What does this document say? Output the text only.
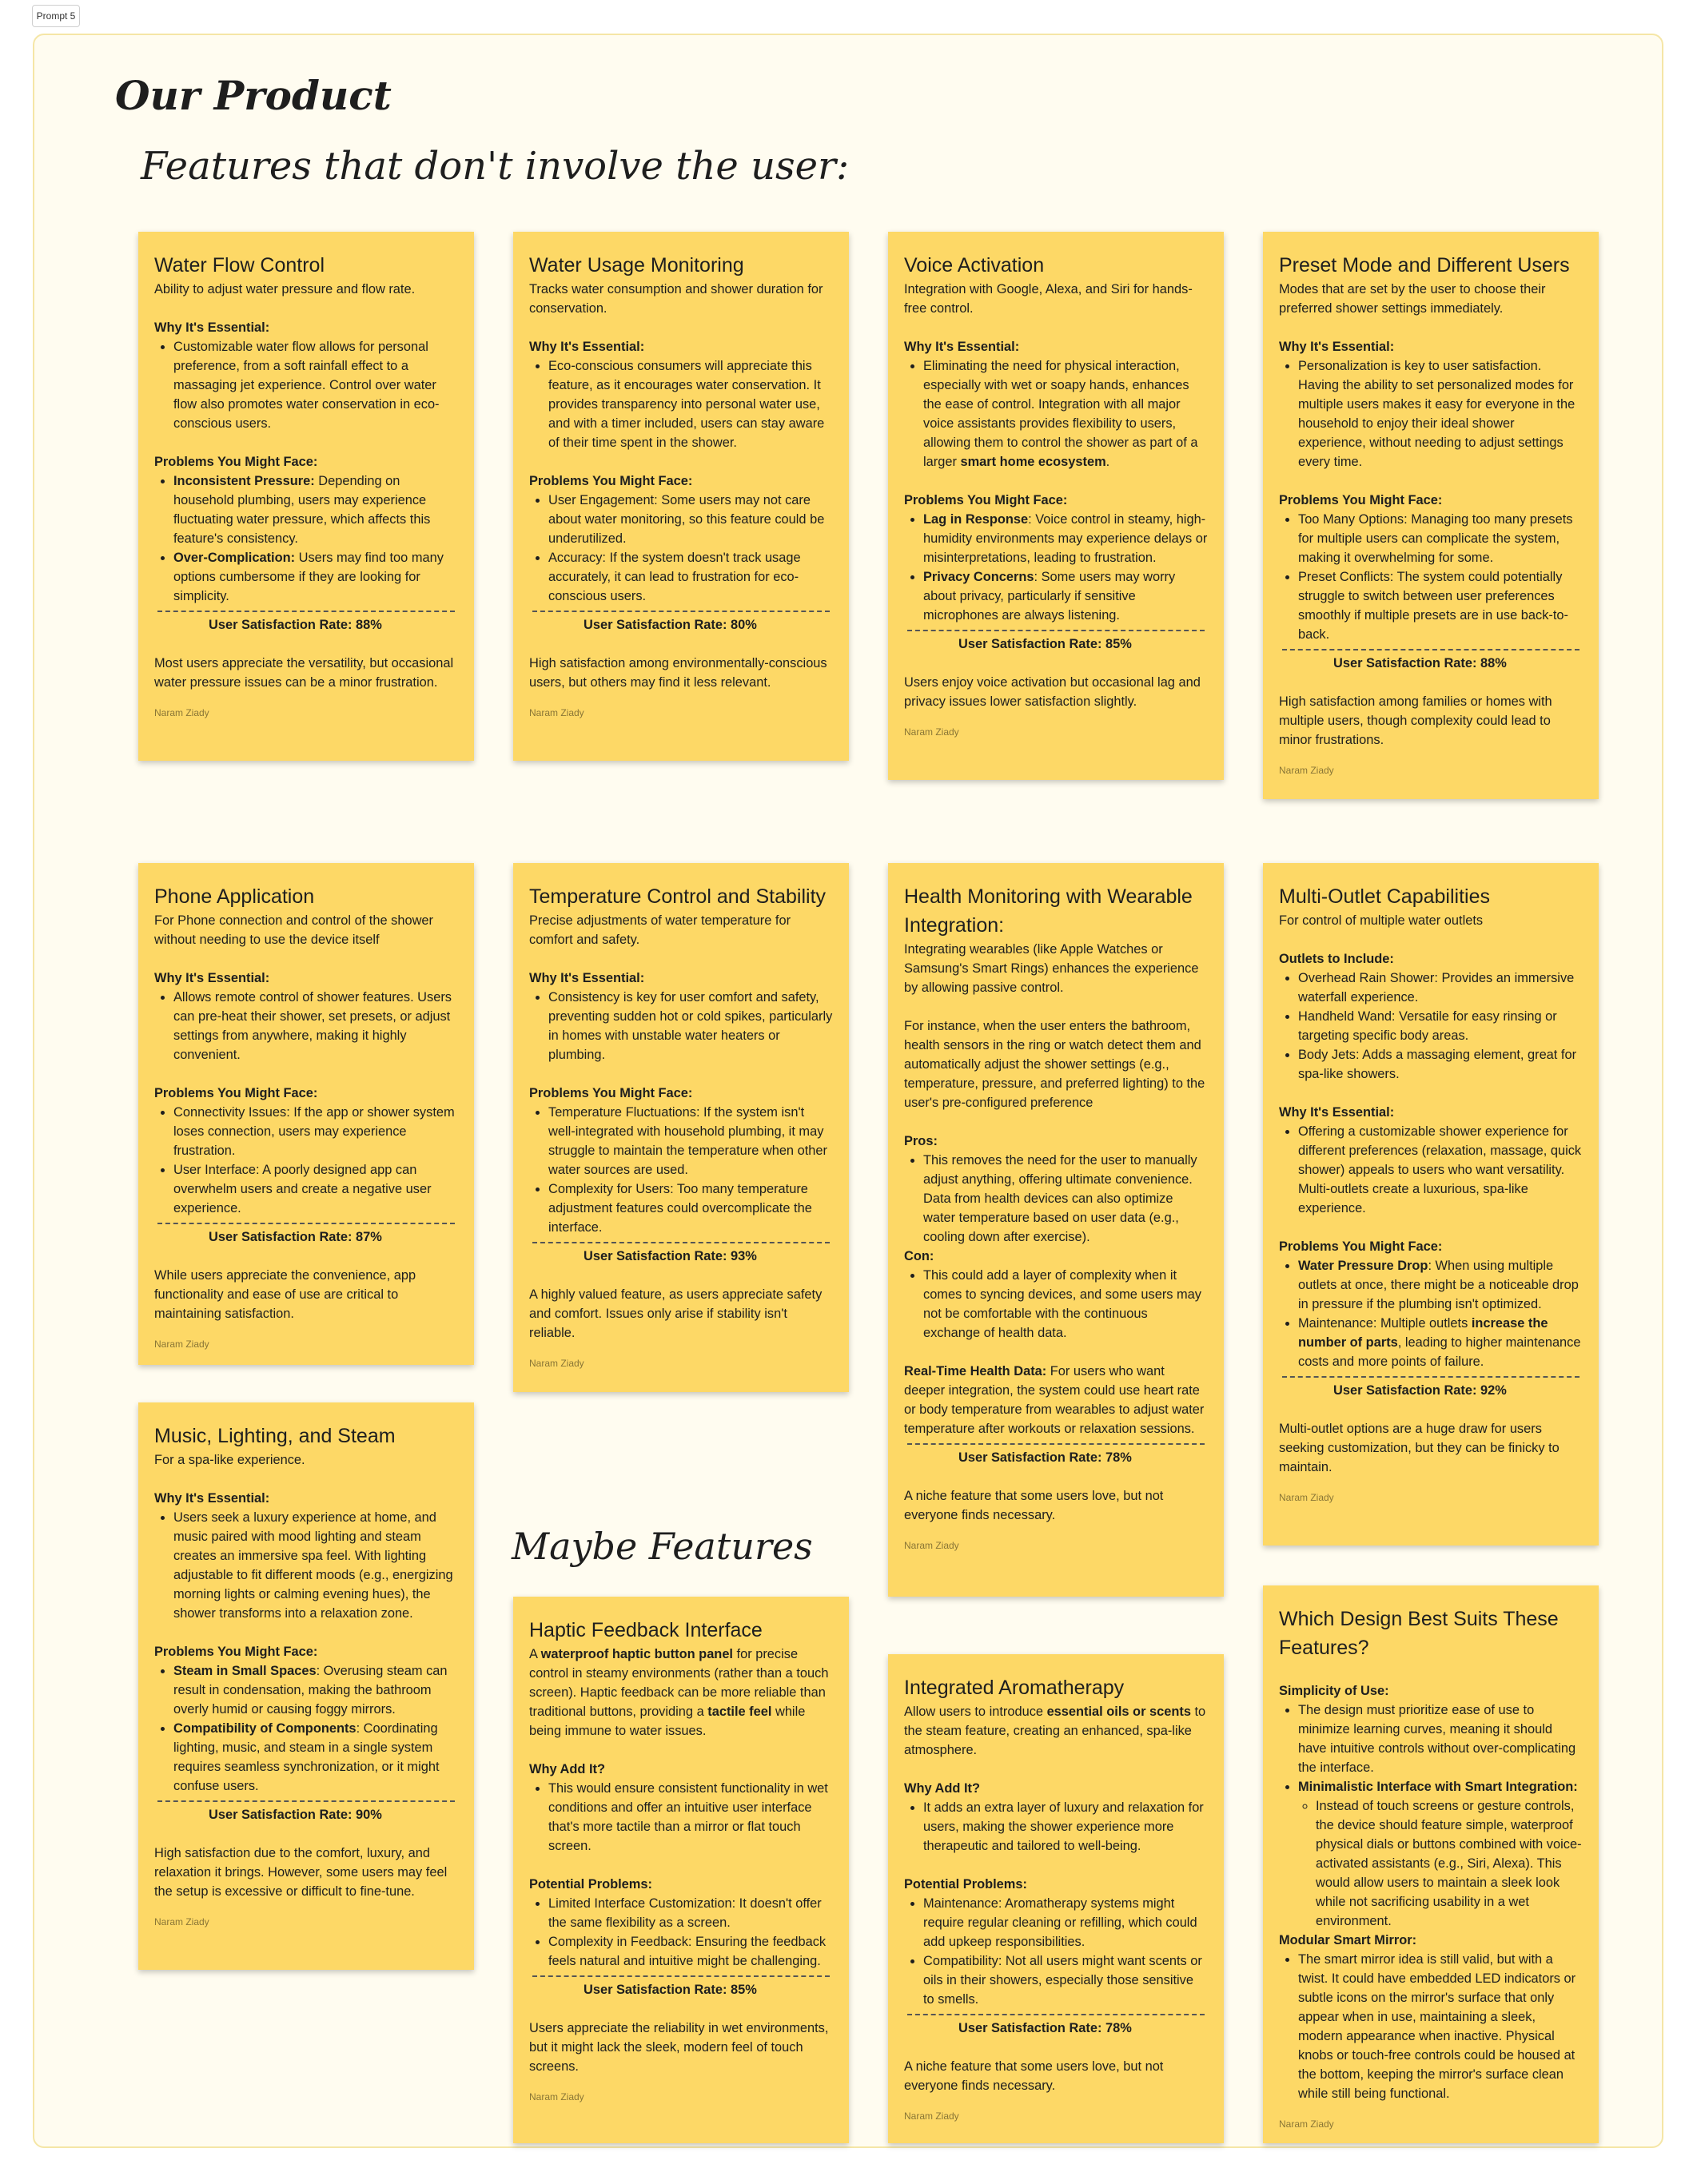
Prompt 5
Our Product
Features that don't involve the user:
Maybe Features
Water Flow Control

Ability to adjust water pressure and flow rate.

Why It's Essential:

• Customizable water flow allows for personal preference, from a soft rainfall effect to a massaging jet experience. Control over water flow also promotes water conservation in eco-conscious users.

Problems You Might Face:

• Inconsistent Pressure: Depending on household plumbing, users may experience fluctuating water pressure, which affects this feature's consistency.
• Over-Complication: Users may find too many options cumbersome if they are looking for simplicity.

User Satisfaction Rate: 88%

Most users appreciate the versatility, but occasional water pressure issues can be a minor frustration.

Naram Ziady
Water Usage Monitoring

Tracks water consumption and shower duration for conservation.

Why It's Essential:

• Eco-conscious consumers will appreciate this feature, as it encourages water conservation. It provides transparency into personal water use, and with a timer included, users can stay aware of their time spent in the shower.

Problems You Might Face:

• User Engagement: Some users may not care about water monitoring, so this feature could be underutilized.
• Accuracy: If the system doesn't track usage accurately, it can lead to frustration for eco-conscious users.

User Satisfaction Rate: 80%

High satisfaction among environmentally-conscious users, but others may find it less relevant.

Naram Ziady
Voice Activation

Integration with Google, Alexa, and Siri for hands-free control.

Why It's Essential:

• Eliminating the need for physical interaction, especially with wet or soapy hands, enhances the ease of control. Integration with all major voice assistants provides flexibility to users, allowing them to control the shower as part of a larger smart home ecosystem.

Problems You Might Face:

• Lag in Response: Voice control in steamy, high-humidity environments may experience delays or misinterpretations, leading to frustration.
• Privacy Concerns: Some users may worry about privacy, particularly if sensitive microphones are always listening.

User Satisfaction Rate: 85%

Users enjoy voice activation but occasional lag and privacy issues lower satisfaction slightly.

Naram Ziady
Preset Mode and Different Users

Modes that are set by the user to choose their preferred shower settings immediately.

Why It's Essential:

• Personalization is key to user satisfaction. Having the ability to set personalized modes for multiple users makes it easy for everyone in the household to enjoy their ideal shower experience, without needing to adjust settings every time.

Problems You Might Face:

• Too Many Options: Managing too many presets for multiple users can complicate the system, making it overwhelming for some.
• Preset Conflicts: The system could potentially struggle to switch between user preferences smoothly if multiple presets are in use back-to-back.

User Satisfaction Rate: 88%

High satisfaction among families or homes with multiple users, though complexity could lead to minor frustrations.

Naram Ziady
Phone Application

For Phone connection and control of the shower without needing to use the device itself

Why It's Essential:

• Allows remote control of shower features. Users can pre-heat their shower, set presets, or adjust settings from anywhere, making it highly convenient.

Problems You Might Face:

• Connectivity Issues: If the app or shower system loses connection, users may experience frustration.
• User Interface: A poorly designed app can overwhelm users and create a negative user experience.

User Satisfaction Rate: 87%

While users appreciate the convenience, app functionality and ease of use are critical to maintaining satisfaction.

Naram Ziady
Temperature Control and Stability

Precise adjustments of water temperature for comfort and safety.

Why It's Essential:

• Consistency is key for user comfort and safety, preventing sudden hot or cold spikes, particularly in homes with unstable water heaters or plumbing.

Problems You Might Face:

• Temperature Fluctuations: If the system isn't well-integrated with household plumbing, it may struggle to maintain the temperature when other water sources are used.
• Complexity for Users: Too many temperature adjustment features could overcomplicate the interface.

User Satisfaction Rate: 93%

A highly valued feature, as users appreciate safety and comfort. Issues only arise if stability isn't reliable.

Naram Ziady
Health Monitoring with Wearable Integration:

Integrating wearables (like Apple Watches or Samsung's Smart Rings) enhances the experience by allowing passive control.

For instance, when the user enters the bathroom, health sensors in the ring or watch detect them and automatically adjust the shower settings (e.g., temperature, pressure, and preferred lighting) to the user's pre-configured preference

Pros:

• This removes the need for the user to manually adjust anything, offering ultimate convenience. Data from health devices can also optimize water temperature based on user data (e.g., cooling down after exercise).

Con:

• This could add a layer of complexity when it comes to syncing devices, and some users may not be comfortable with the continuous exchange of health data.

Real-Time Health Data: For users who want deeper integration, the system could use heart rate or body temperature from wearables to adjust water temperature after workouts or relaxation sessions.

User Satisfaction Rate: 78%

A niche feature that some users love, but not everyone finds necessary.

Naram Ziady
Multi-Outlet Capabilities

For control of multiple water outlets

Outlets to Include:

• Overhead Rain Shower: Provides an immersive waterfall experience.
• Handheld Wand: Versatile for easy rinsing or targeting specific body areas.
• Body Jets: Adds a massaging element, great for spa-like showers.

Why It's Essential:

• Offering a customizable shower experience for different preferences (relaxation, massage, quick shower) appeals to users who want versatility. Multi-outlets create a luxurious, spa-like experience.

Problems You Might Face:

• Water Pressure Drop: When using multiple outlets at once, there might be a noticeable drop in pressure if the plumbing isn't optimized.
• Maintenance: Multiple outlets increase the number of parts, leading to higher maintenance costs and more points of failure.

User Satisfaction Rate: 92%

Multi-outlet options are a huge draw for users seeking customization, but they can be finicky to maintain.

Naram Ziady
Music, Lighting, and Steam

For a spa-like experience.

Why It's Essential:

• Users seek a luxury experience at home, and music paired with mood lighting and steam creates an immersive spa feel. With lighting adjustable to fit different moods (e.g., energizing morning lights or calming evening hues), the shower transforms into a relaxation zone.

Problems You Might Face:

• Steam in Small Spaces: Overusing steam can result in condensation, making the bathroom overly humid or causing foggy mirrors.
• Compatibility of Components: Coordinating lighting, music, and steam in a single system requires seamless synchronization, or it might confuse users.

User Satisfaction Rate: 90%

High satisfaction due to the comfort, luxury, and relaxation it brings. However, some users may feel the setup is excessive or difficult to fine-tune.

Naram Ziady
Haptic Feedback Interface

A waterproof haptic button panel for precise control in steamy environments (rather than a touch screen). Haptic feedback can be more reliable than traditional buttons, providing a tactile feel while being immune to water issues.

Why Add It?

• This would ensure consistent functionality in wet conditions and offer an intuitive user interface that's more tactile than a mirror or flat touch screen.

Potential Problems:

• Limited Interface Customization: It doesn't offer the same flexibility as a screen.
• Complexity in Feedback: Ensuring the feedback feels natural and intuitive might be challenging.

User Satisfaction Rate: 85%

Users appreciate the reliability in wet environments, but it might lack the sleek, modern feel of touch screens.

Naram Ziady
Integrated Aromatherapy

Allow users to introduce essential oils or scents to the steam feature, creating an enhanced, spa-like atmosphere.

Why Add It?

• It adds an extra layer of luxury and relaxation for users, making the shower experience more therapeutic and tailored to well-being.

Potential Problems:

• Maintenance: Aromatherapy systems might require regular cleaning or refilling, which could add upkeep responsibilities.
• Compatibility: Not all users might want scents or oils in their showers, especially those sensitive to smells.

User Satisfaction Rate: 78%

A niche feature that some users love, but not everyone finds necessary.

Naram Ziady
Which Design Best Suits These Features?

Simplicity of Use:

• The design must prioritize ease of use to minimize learning curves, meaning it should have intuitive controls without over-complicating the interface.
• Minimalistic Interface with Smart Integration:
◦ Instead of touch screens or gesture controls, the device should feature simple, waterproof physical dials or buttons combined with voice-activated assistants (e.g., Siri, Alexa). This would allow users to maintain a sleek look while not sacrificing usability in a wet environment.

Modular Smart Mirror:

• The smart mirror idea is still valid, but with a twist. It could have embedded LED indicators or subtle icons on the mirror's surface that only appear when in use, maintaining a sleek, modern appearance when inactive. Physical knobs or touch-free controls could be housed at the bottom, keeping the mirror's surface clean while still being functional.
Naram Ziady
